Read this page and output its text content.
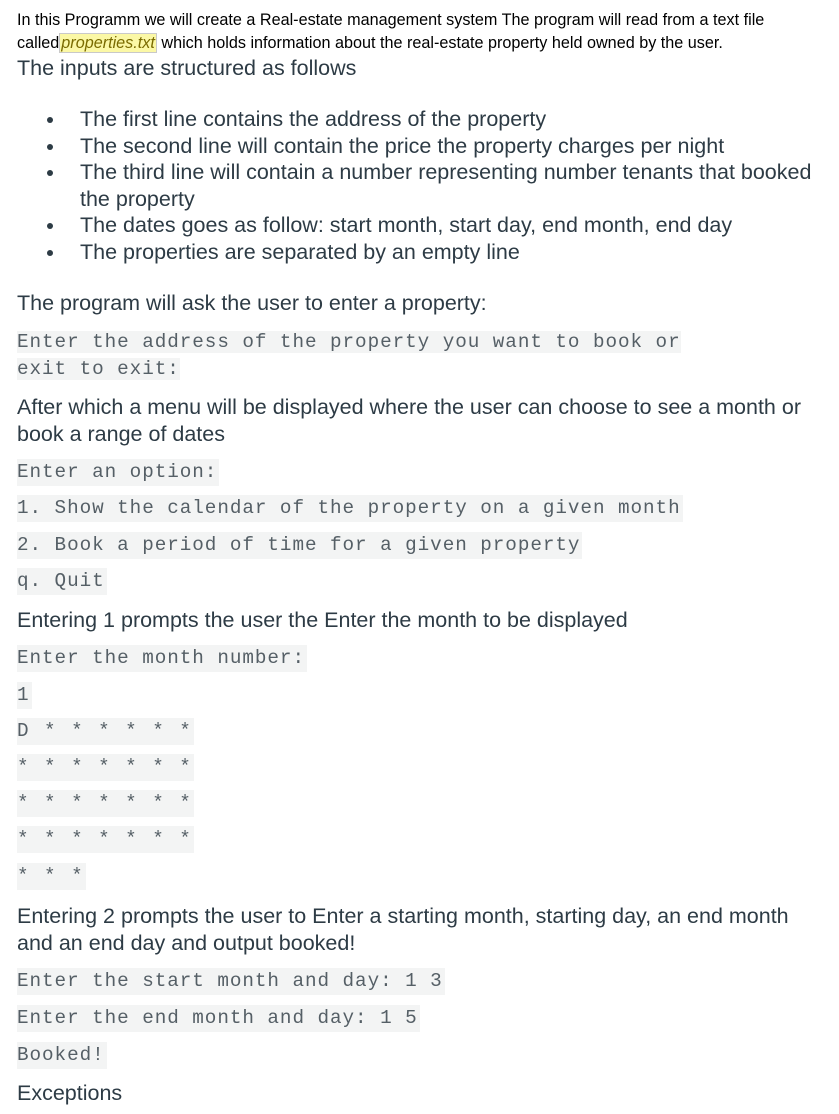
In this Programm we will create a Real-estate management system The program will read from a text file called properties.txt which holds information about the real-estate property held owned by the user.
The inputs are structured as follows
The first line contains the address of the property
The second line will contain the price the property charges per night
The third line will contain a number representing number tenants that booked the property
The dates goes as follow: start month, start day, end month, end day
The properties are separated by an empty line
The program will ask the user to enter a property:
Enter the address of the property you want to book or
exit to exit:
After which a menu will be displayed where the user can choose to see a month or book a range of dates
Enter an option:
1. Show the calendar of the property on a given month
2. Book a period of time for a given property
q. Quit
Entering 1 prompts the user the Enter the month to be displayed
Enter the month number:
1
D * * * * * *
* * * * * * *
* * * * * * *
* * * * * * *
* * *
Entering 2 prompts the user to Enter a starting month, starting day, an end month and an end day and output booked!
Enter the start month and day: 1 3
Enter the end month and day: 1 5
Booked!
Exceptions
